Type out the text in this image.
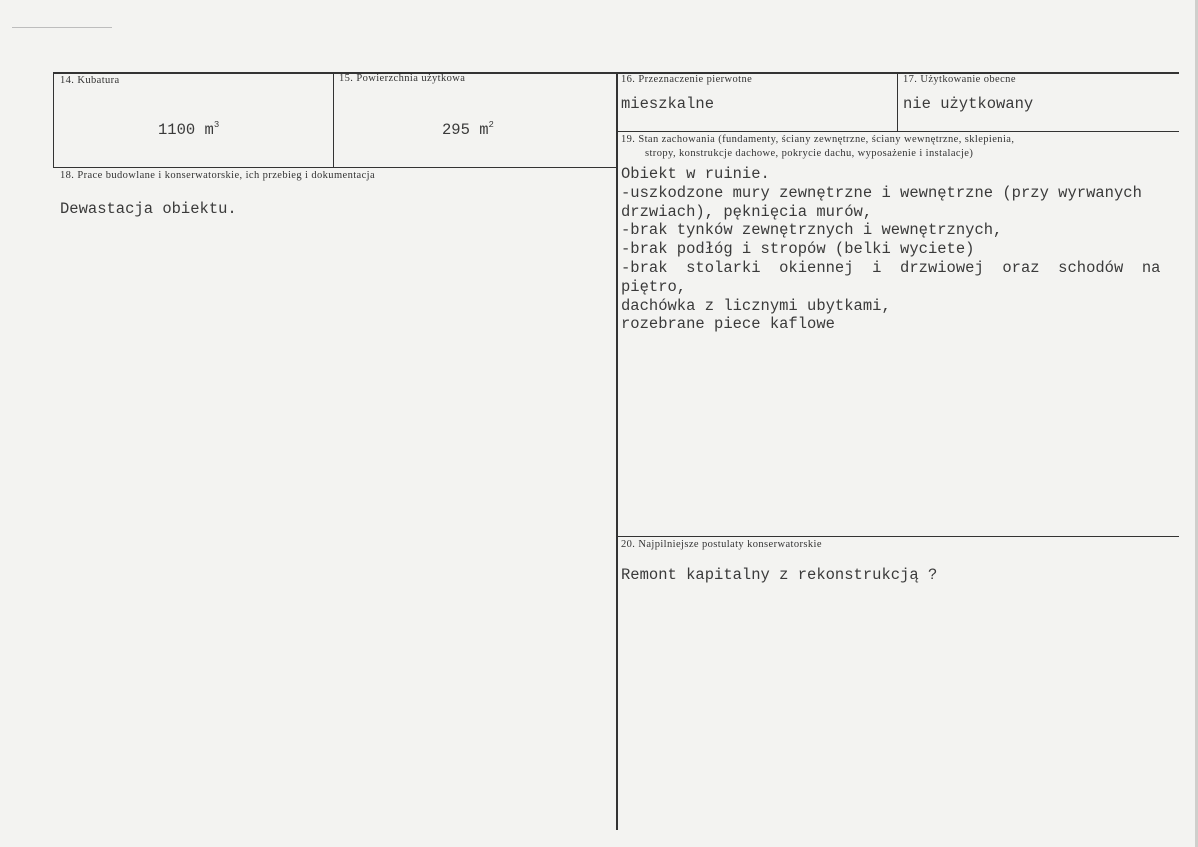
14. Kubatura
1100 $m^3$
15. Powierzchnia użytkowa
295 $m^2$
16. Przeznaczenie pierwotne
mieszkalne
17. Użytkowanie obecne
nie użytkowany
19. Stan zachowania (fundamenty, ściany zewnętrzne, ściany wewnętrzne, sklepienia,
stropy, konstrukcje dachowe, pokrycie dachu, wyposażenie i instalacje)
Obiekt w ruinie.
-uszkodzone mury zewnętrzne i wewnętrzne (przy wyrwanych
drzwiach), pęknięcia murów,
-brak tynków zewnętrznych i wewnętrznych,
-brak podłóg i stropów (belki wyciete)
-brak  stolarki  okiennej  i  drzwiowej  oraz  schodów  na
piętro,
dachówka z licznymi ubytkami,
rozebrane piece kaflowe
18. Prace budowlane i konserwatorskie, ich przebieg i dokumentacja
Dewastacja obiektu.
20. Najpilniejsze postulaty konserwatorskie
Remont kapitalny z rekonstrukcją ?
